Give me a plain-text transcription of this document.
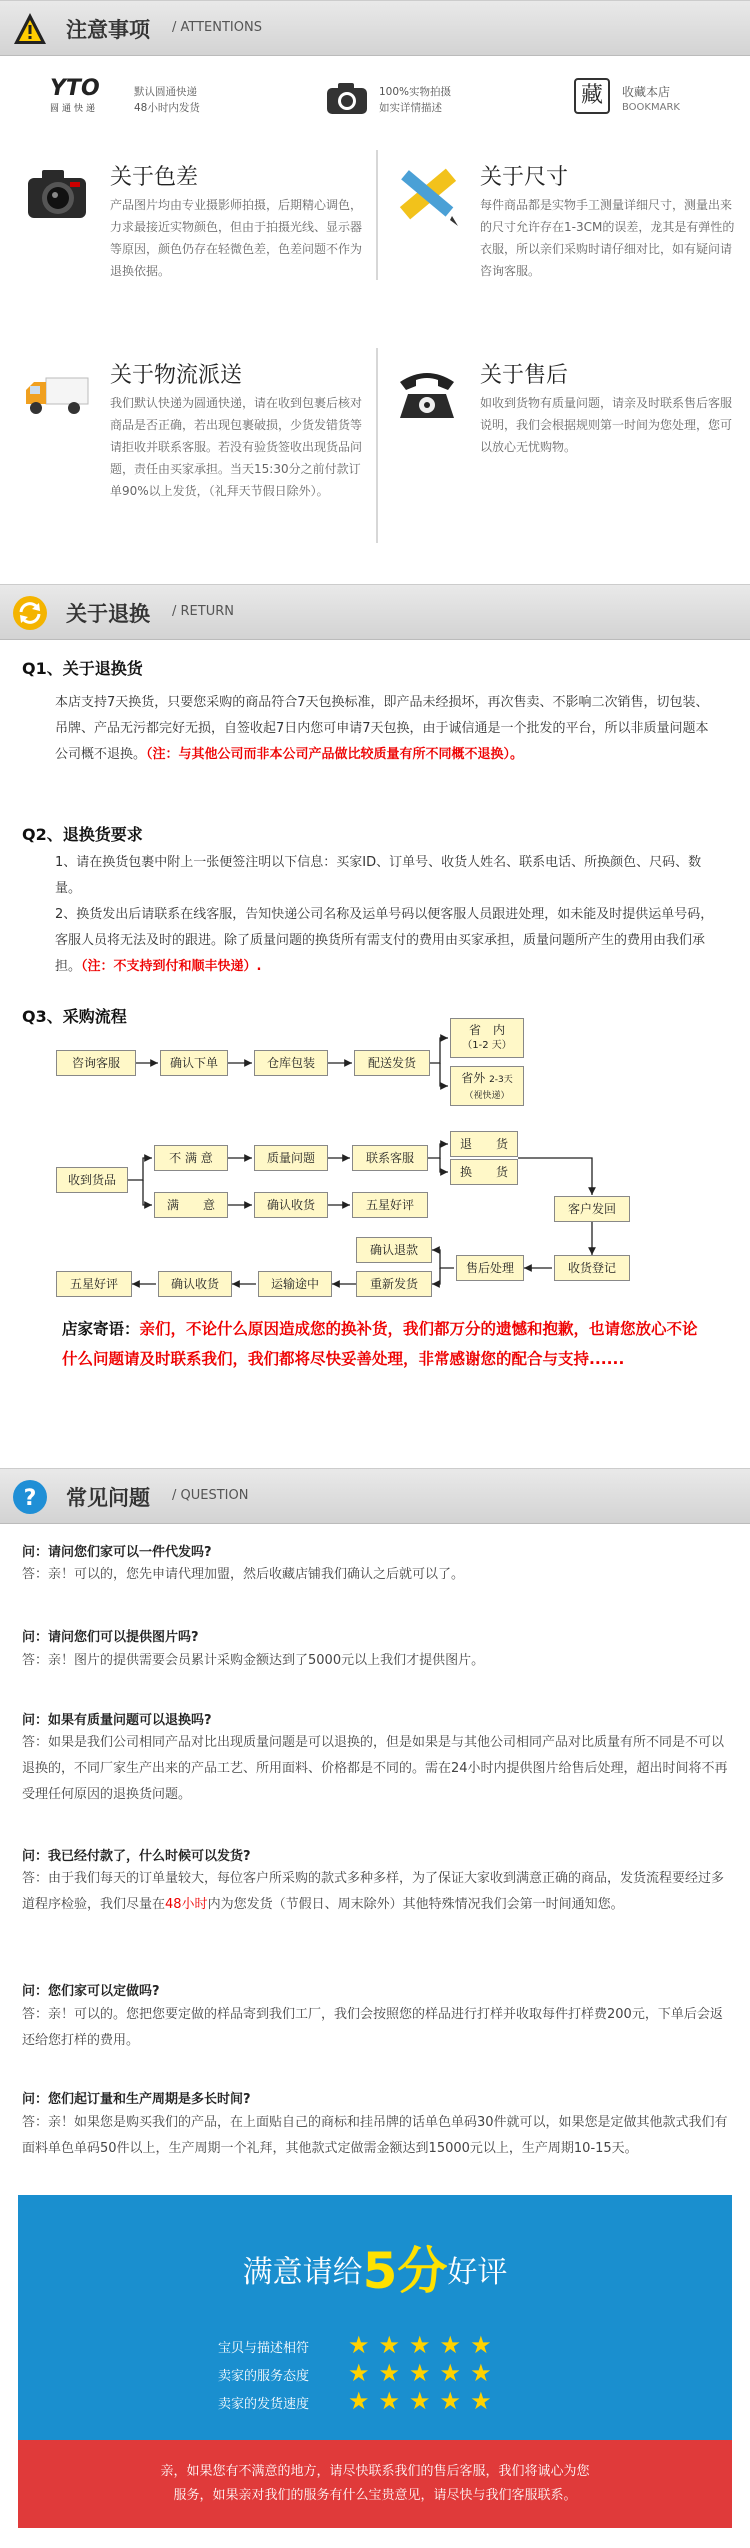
注意事项 / ATTENTIONS
YTO
圆通快递
默认圆通快递
48小时内发货
100%实物拍摄
如实详情描述	藏	收藏本店
BOOKMARK
关于色差
产品图片均由专业摄影师拍摄，后期精心调色，力求最接近实物颜色，但由于拍摄光线、显示器等原因，颜色仍存在轻微色差，色差问题不作为退换依据。
关于尺寸
每件商品都是实物手工测量详细尺寸，测量出来的尺寸允许存在1-3CM的误差，龙其是有弹性的衣服，所以亲们采购时请仔细对比，如有疑问请咨询客服。
关于物流派送
我们默认快递为圆通快递，请在收到包裹后核对商品是否正确，若出现包裹破损，少货发错货等请拒收并联系客服。若没有验货签收出现货品问题，责任由买家承担。当天15:30分之前付款订单90%以上发货，（礼拜天节假日除外）。
关于售后
如收到货物有质量问题，请亲及时联系售后客服说明，我们会根据规则第一时间为您处理，您可以放心无忧购物。
关于退换 / RETURN
Q1、关于退换货
本店支持7天换货，只要您采购的商品符合7天包换标准，即产品未经损坏，再次售卖、不影响二次销售，切包装、吊牌、产品无污都完好无损，自签收起7日内您可申请7天包换，由于诚信通是一个批发的平台，所以非质量问题本公司概不退换。（注：与其他公司而非本公司产品做比较质量有所不同概不退换）。
Q2、退换货要求
1、请在换货包裹中附上一张便签注明以下信息：买家ID、订单号、收货人姓名、联系电话、所换颜色、尺码、数量。
2、换货发出后请联系在线客服，告知快递公司名称及运单号码以便客服人员跟进处理，如未能及时提供运单号码，客服人员将无法及时的跟进。除了质量问题的换货所有需支付的费用由买家承担，质量问题所产生的费用由我们承担。（注：不支持到付和顺丰快递）.
Q3、采购流程
咨询客服	确认下单	仓库包装	配送发货
省　内
（1-2 天）
省外 2-3天
（视快递）
收到货品
不 满 意	质量问题	联系客服
退　　货
换　　货
满　　意	确认收货	五星好评	客户发回
确认退款
售后处理	收货登记
重新发货
运输途中
确认收货
五星好评
店家寄语：亲们，不论什么原因造成您的换补货，我们都万分的遗憾和抱歉，也请您放心不论什么问题请及时联系我们，我们都将尽快妥善处理，非常感谢您的配合与支持......
? 常见问题 / QUESTION
问：请问您们家可以一件代发吗?
答：亲！可以的，您先申请代理加盟，然后收藏店铺我们确认之后就可以了。
问：请问您们可以提供图片吗?
答：亲！图片的提供需要会员累计采购金额达到了5000元以上我们才提供图片。
问：如果有质量问题可以退换吗?
答：如果是我们公司相同产品对比出现质量问题是可以退换的，但是如果是与其他公司相同产品对比质量有所不同是不可以退换的，不同厂家生产出来的产品工艺、所用面料、价格都是不同的。需在24小时内提供图片给售后处理，超出时间将不再受理任何原因的退换货问题。
问：我已经付款了，什么时候可以发货?
答：由于我们每天的订单量较大，每位客户所采购的款式多种多样，为了保证大家收到满意正确的商品，发货流程要经过多道程序检验，我们尽量在48小时内为您发货（节假日、周末除外）其他特殊情况我们会第一时间通知您。
问：您们家可以定做吗?
答：亲！可以的。您把您要定做的样品寄到我们工厂，我们会按照您的样品进行打样并收取每件打样费200元，下单后会返还给您打样的费用。
问：您们起订量和生产周期是多长时间?
答：亲！如果您是购买我们的产品，在上面贴自己的商标和挂吊牌的话单色单码30件就可以，如果您是定做其他款式我们有面料单色单码50件以上，生产周期一个礼拜，其他款式定做需金额达到15000元以上，生产周期10-15天。
满意请给5分好评
宝贝与描述相符 ★★★★★
卖家的服务态度 ★★★★★
卖家的发货速度 ★★★★★
亲，如果您有不满意的地方，请尽快联系我们的售后客服，我们将诚心为您
服务，如果亲对我们的服务有什么宝贵意见，请尽快与我们客服联系。
